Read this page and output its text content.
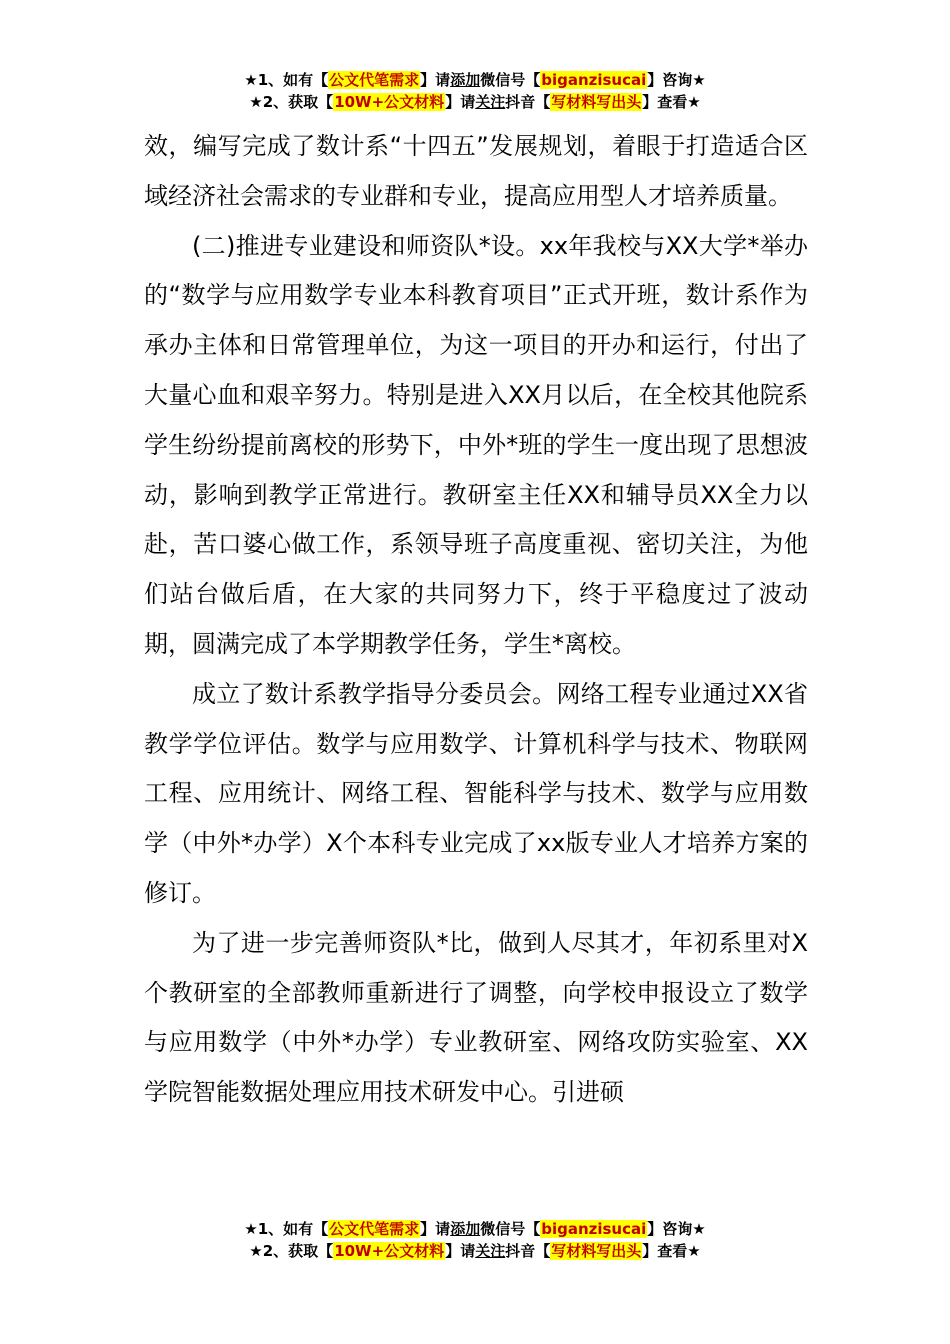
★1、如有【公文代笔需求】请添加微信号【biganzisucai】咨询★
★2、获取【10W+公文材料】请关注抖音【写材料写出头】查看★

效，编写完成了数计系“十四五”发展规划，着眼于打造适合区域经济社会需求的专业群和专业，提高应用型人才培养质量。

(二)推进专业建设和师资队*设。xx年我校与XX大学*举办的“数学与应用数学专业本科教育项目”正式开班，数计系作为承办主体和日常管理单位，为这一项目的开办和运行，付出了大量心血和艰辛努力。特别是进入XX月以后，在全校其他院系学生纷纷提前离校的形势下，中外*班的学生一度出现了思想波动，影响到教学正常进行。教研室主任XX和辅导员XX全力以赴，苦口婆心做工作，系领导班子高度重视、密切关注，为他们站台做后盾，在大家的共同努力下，终于平稳度过了波动期，圆满完成了本学期教学任务，学生*离校。

成立了数计系教学指导分委员会。网络工程专业通过XX省教学学位评估。数学与应用数学、计算机科学与技术、物联网工程、应用统计、网络工程、智能科学与技术、数学与应用数学（中外*办学）X个本科专业完成了xx版专业人才培养方案的修订。

为了进一步完善师资队*比，做到人尽其才，年初系里对X个教研室的全部教师重新进行了调整，向学校申报设立了数学与应用数学（中外*办学）专业教研室、网络攻防实验室、XX学院智能数据处理应用技术研发中心。引进硕

★1、如有【公文代笔需求】请添加微信号【biganzisucai】咨询★
★2、获取【10W+公文材料】请关注抖音【写材料写出头】查看★
